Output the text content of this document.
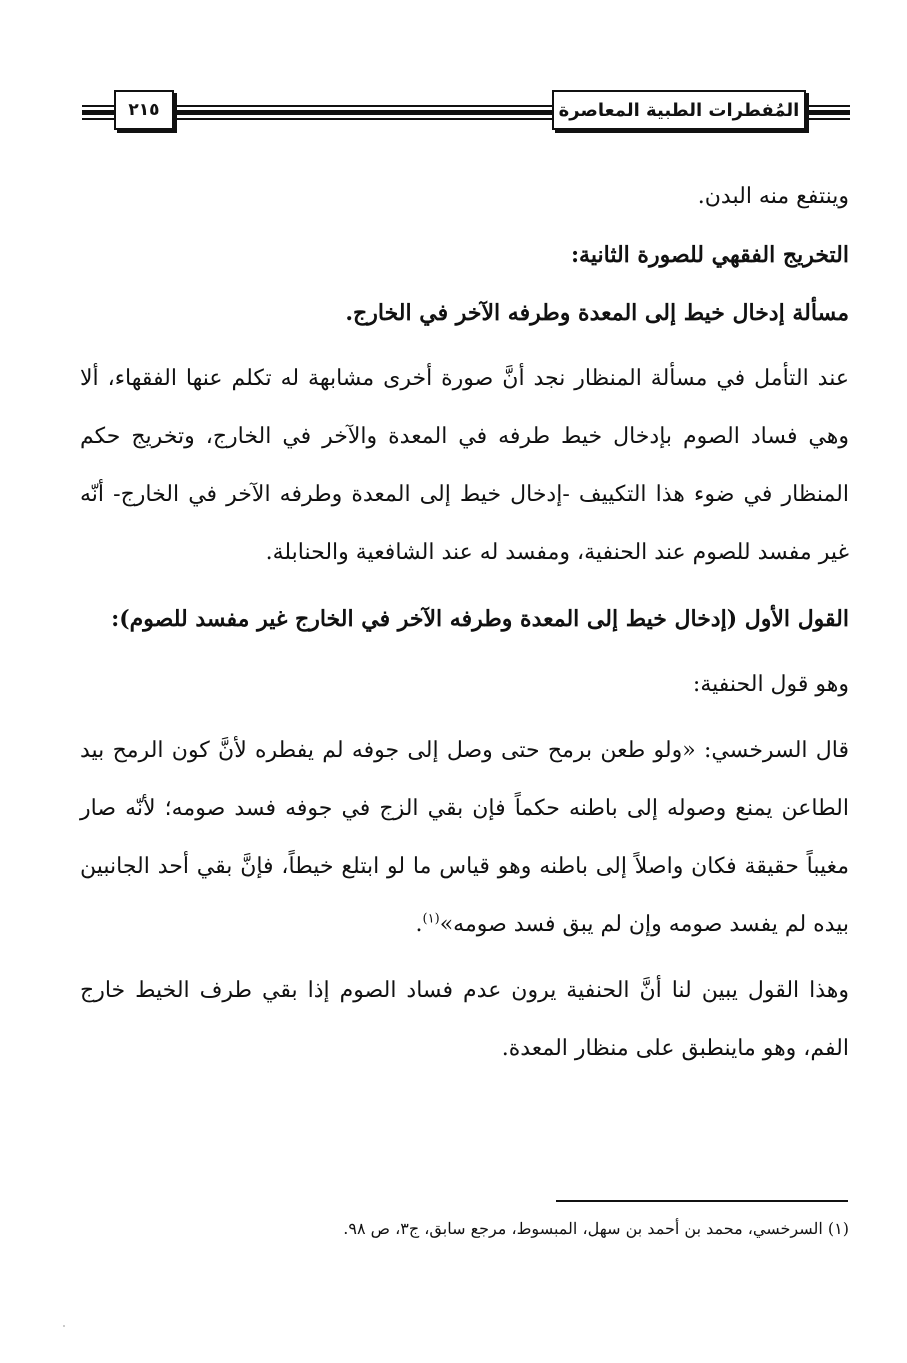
٢١٥	المُفطرات الطبية المعاصرة

وينتفع منه البدن.

التخريج الفقهي للصورة الثانية:

مسألة إدخال خيط إلى المعدة وطرفه الآخر في الخارج.

عند التأمل في مسألة المنظار نجد أنَّ صورة أخرى مشابهة له تكلم عنها الفقهاء، ألا وهي فساد الصوم بإدخال خيط طرفه في المعدة والآخر في الخارج، وتخريج حكم المنظار في ضوء هذا التكييف -إدخال خيط إلى المعدة وطرفه الآخر في الخارج- أنّه غير مفسد للصوم عند الحنفية، ومفسد له عند الشافعية والحنابلة.

القول الأول (إدخال خيط إلى المعدة وطرفه الآخر في الخارج غير مفسد للصوم):

وهو قول الحنفية:

قال السرخسي: «ولو طعن برمح حتى وصل إلى جوفه لم يفطره لأنَّ كون الرمح بيد الطاعن يمنع وصوله إلى باطنه حكماً فإن بقي الزج في جوفه فسد صومه؛ لأنّه صار مغيباً حقيقة فكان واصلاً إلى باطنه وهو قياس ما لو ابتلع خيطاً، فإنَّ بقي أحد الجانبين بيده لم يفسد صومه وإن لم يبق فسد صومه»$^{(١)}$.

وهذا القول يبين لنا أنَّ الحنفية يرون عدم فساد الصوم إذا بقي طرف الخيط خارج الفم، وهو ماينطبق على منظار المعدة.

(١) السرخسي، محمد بن أحمد بن سهل، المبسوط، مرجع سابق، ج٣، ص ٩٨.
